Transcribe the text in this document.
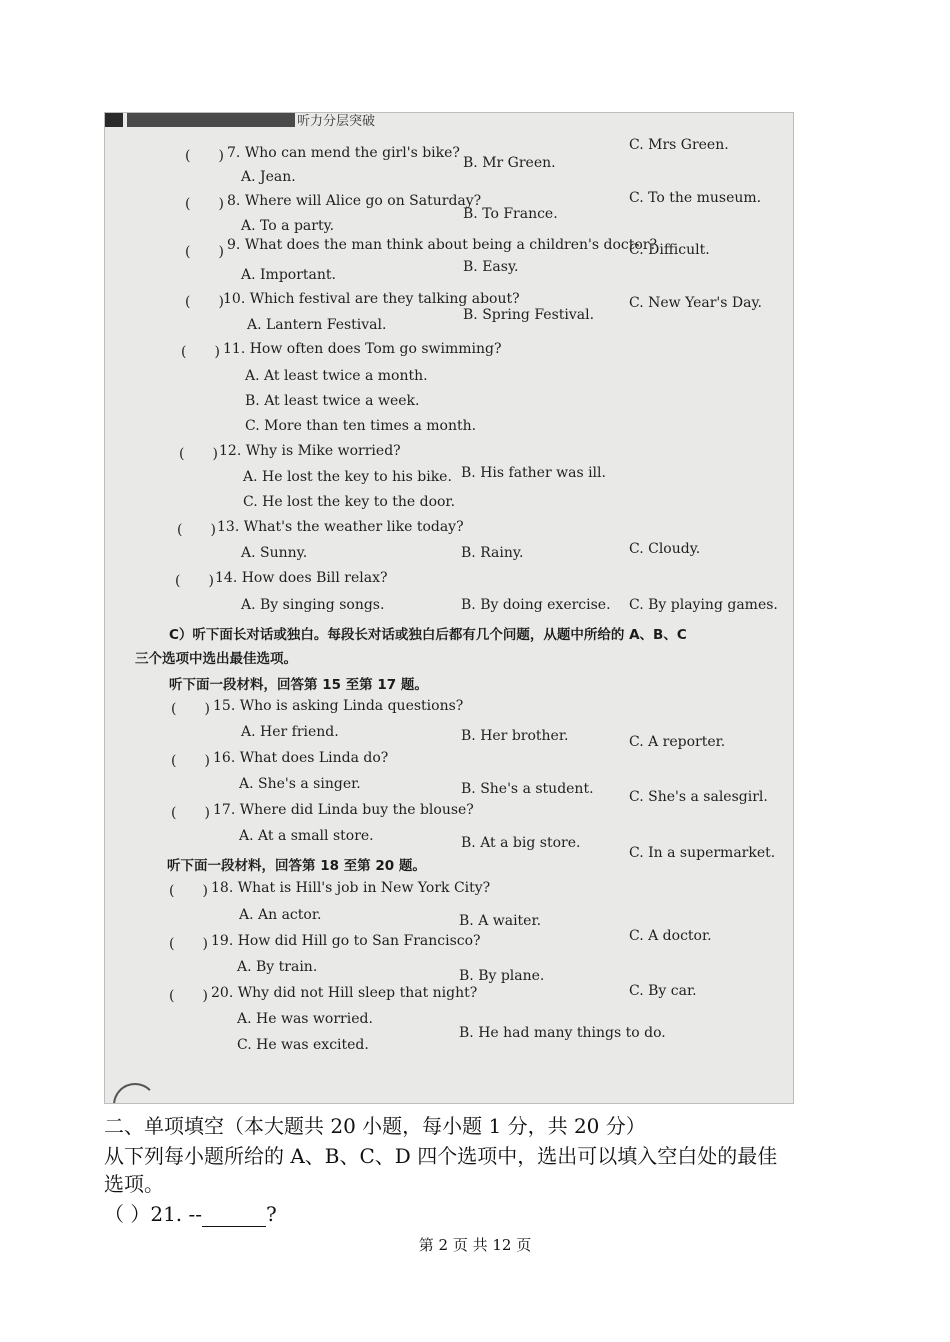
听力分层突破
(　　) 7. Who can mend the girl's bike?
A. Jean.
B. Mr Green.
C. Mrs Green.
(　　) 8. Where will Alice go on Saturday?
A. To a party.
B. To France.
C. To the museum.
(　　) 9. What does the man think about being a children's doctor?
A. Important.	B. Easy.
C. Difficult.
(　　) 10. Which festival are they talking about?
A. Lantern Festival.
B. Spring Festival.
C. New Year's Day.
(　　) 11. How often does Tom go swimming?
A. At least twice a month.
B. At least twice a week.
C. More than ten times a month.
(　　) 12. Why is Mike worried?
A. He lost the key to his bike. B. His father was ill.
C. He lost the key to the door.
(　　) 13. What's the weather like today?
A. Sunny.	B. Rainy.	C. Cloudy.
(　　) 14. How does Bill relax?
A. By singing songs.	B. By doing exercise. C. By playing games.
C）听下面长对话或独白。每段长对话或独白后都有几个问题，从题中所给的 A、B、C
三个选项中选出最佳选项。
听下面一段材料，回答第 15 至第 17 题。
(　　) 15. Who is asking Linda questions?
A. Her friend.	B. Her brother.	C. A reporter.
(　　) 16. What does Linda do?
A. She's a singer.	B. She's a student.	C. She's a salesgirl.
(　　) 17. Where did Linda buy the blouse?
A. At a small store.	B. At a big store.
C. In a supermarket.
听下面一段材料，回答第 18 至第 20 题。
(　　) 18. What is Hill's job in New York City?
A. An actor.	B. A waiter.
C. A doctor.
(　　) 19. How did Hill go to San Francisco?
A. By train.
B. By plane.
C. By car.
(　　) 20. Why did not Hill sleep that night?
A. He was worried.
B. He had many things to do.
C. He was excited.
二、单项填空（本大题共 20 小题，每小题 1 分，共 20 分）
从下列每小题所给的 A、B、C、D 四个选项中，选出可以填入空白处的最佳
选项。
（ ）21. --	?
第 2 页 共 12 页
